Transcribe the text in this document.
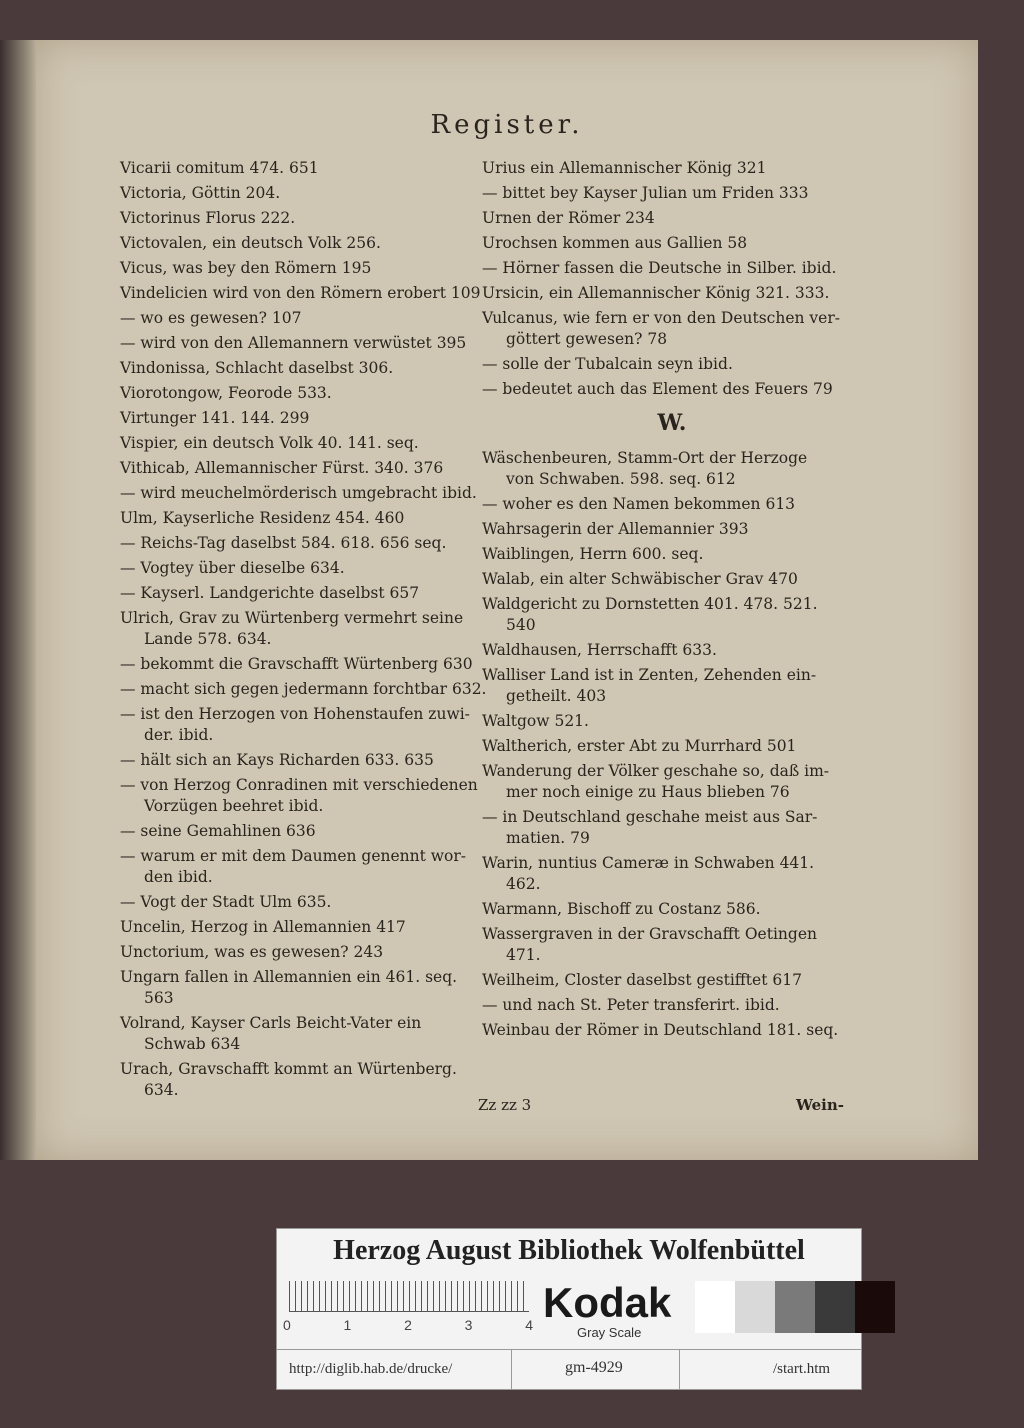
Register.
Vicarii comitum 474. 651
Victoria, Göttin 204.
Victorinus Florus 222.
Victovalen, ein deutsch Volk 256.
Vicus, was bey den Römern 195
Vindelicien wird von den Römern erobert 109
— wo es gewesen? 107
— wird von den Allemannern verwüstet 395
Vindonissa, Schlacht daselbst 306.
Viorotongow, Feorode 533.
Virtunger 141. 144. 299
Vispier, ein deutsch Volk 40. 141. seq.
Vithicab, Allemannischer Fürst. 340. 376
— wird meuchelmörderisch umgebracht ibid.
Ulm, Kayserliche Residenz 454. 460
— Reichs-Tag daselbst 584. 618. 656 seq.
— Vogtey über dieselbe 634.
— Kayserl. Landgerichte daselbst 657
Ulrich, Grav zu Würtenberg vermehrt seine
Lande 578. 634.
— bekommt die Gravschafft Würtenberg 630
— macht sich gegen jedermann forchtbar 632.
— ist den Herzogen von Hohenstaufen zuwi-
der. ibid.
— hält sich an Kays Richarden 633. 635
— von Herzog Conradinen mit verschiedenen
Vorzügen beehret ibid.
— seine Gemahlinen 636
— warum er mit dem Daumen genennt wor-
den ibid.
— Vogt der Stadt Ulm 635.
Uncelin, Herzog in Allemannien 417
Unctorium, was es gewesen? 243
Ungarn fallen in Allemannien ein 461. seq.
563
Volrand, Kayser Carls Beicht-Vater ein
Schwab 634
Urach, Gravschafft kommt an Würtenberg.
634.
Urius ein Allemannischer König 321
— bittet bey Kayser Julian um Friden 333
Urnen der Römer 234
Urochsen kommen aus Gallien 58
— Hörner fassen die Deutsche in Silber. ibid.
Ursicin, ein Allemannischer König 321. 333.
Vulcanus, wie fern er von den Deutschen ver-
göttert gewesen? 78
— solle der Tubalcain seyn ibid.
— bedeutet auch das Element des Feuers 79
W.
Wäschenbeuren, Stamm-Ort der Herzoge
von Schwaben. 598. seq. 612
— woher es den Namen bekommen 613
Wahrsagerin der Allemannier 393
Waiblingen, Herrn 600. seq.
Walab, ein alter Schwäbischer Grav 470
Waldgericht zu Dornstetten 401. 478. 521.
540
Waldhausen, Herrschafft 633.
Walliser Land ist in Zenten, Zehenden ein-
getheilt. 403
Waltgow 521.
Waltherich, erster Abt zu Murrhard 501
Wanderung der Völker geschahe so, daß im-
mer noch einige zu Haus blieben 76
— in Deutschland geschahe meist aus Sar-
matien. 79
Warin, nuntius Cameræ in Schwaben 441.
462.
Warmann, Bischoff zu Costanz 586.
Wassergraven in der Gravschafft Oetingen
471.
Weilheim, Closter daselbst gestifftet 617
— und nach St. Peter transferirt. ibid.
Weinbau der Römer in Deutschland 181. seq.
Zz zz 3	Wein-
Herzog August Bibliothek Wolfenbüttel
0	1	2	3	4 Kodak
Gray Scale
http://diglib.hab.de/drucke/	gm-4929	/start.htm
